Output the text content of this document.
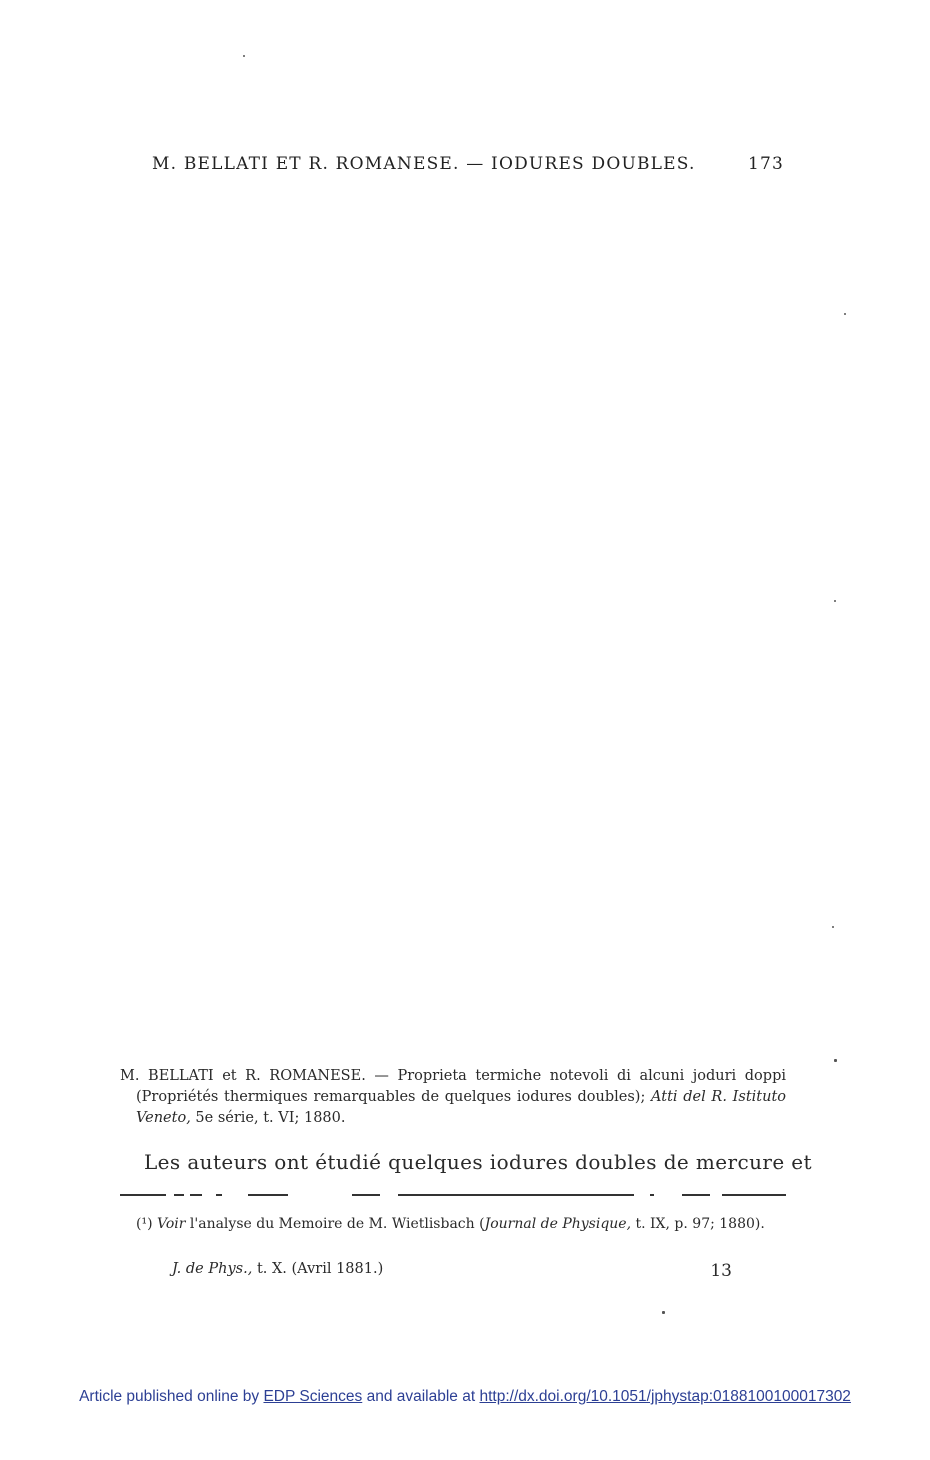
M. BELLATI ET R. ROMANESE. — IODURES DOUBLES.	173
M. BELLATI et R. ROMANESE. — Proprieta termiche notevoli di alcuni joduri doppi (Propriétés thermiques remarquables de quelques iodures doubles); Atti del R. Istituto Veneto, 5e série, t. VI; 1880.
Les auteurs ont étudié quelques iodures doubles de mercure et
(¹) Voir l'analyse du Memoire de M. Wietlisbach (Journal de Physique, t. IX, p. 97; 1880).
J. de Phys., t. X. (Avril 1881.)	13
Article published online by EDP Sciences and available at http://dx.doi.org/10.1051/jphystap:0188100100017302
